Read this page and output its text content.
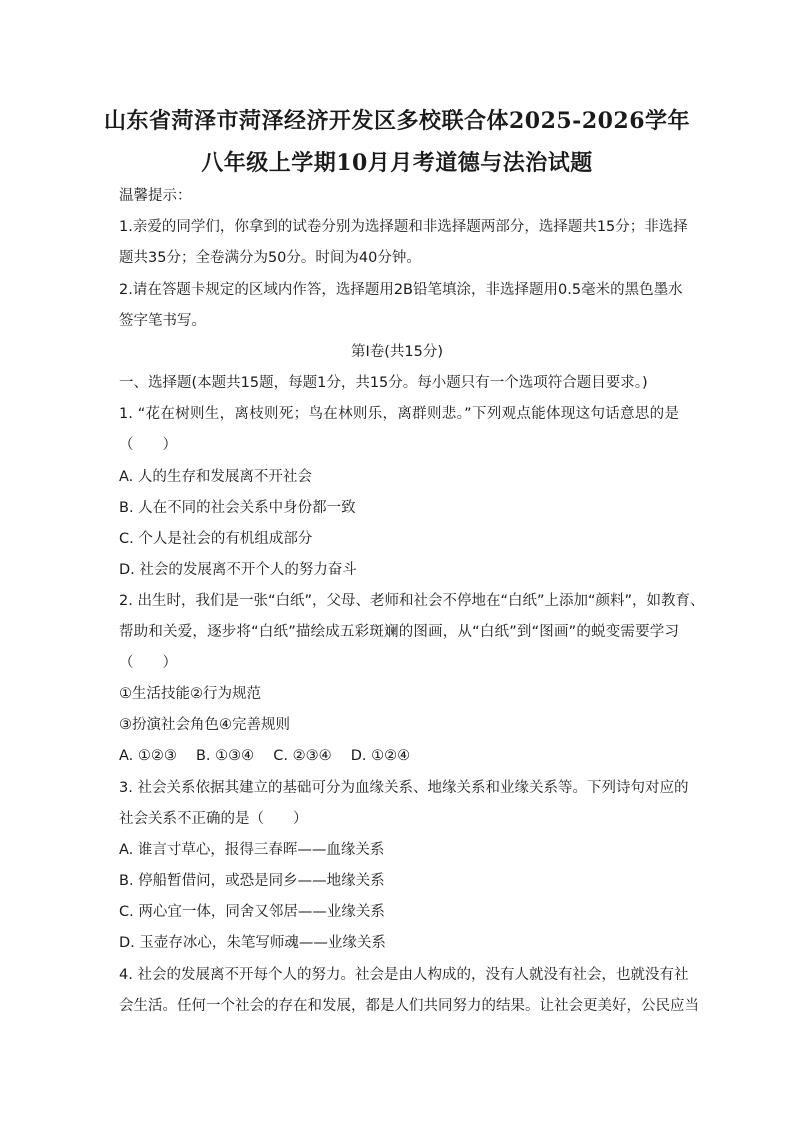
山东省菏泽市菏泽经济开发区多校联合体2025-2026学年
八年级上学期10月月考道德与法治试题
温馨提示：
1.亲爱的同学们，你拿到的试卷分别为选择题和非选择题两部分，选择题共15分；非选择
题共35分；全卷满分为50分。时间为40分钟。
2.请在答题卡规定的区域内作答，选择题用2B铅笔填涂，非选择题用0.5毫米的黑色墨水
签字笔书写。
第Ⅰ卷(共15分)
一、选择题(本题共15题，每题1分，共15分。每小题只有一个选项符合题目要求。)
1. “花在树则生，离枝则死；鸟在林则乐，离群则悲。”下列观点能体现这句话意思的是
（　　）
A. 人的生存和发展离不开社会
B. 人在不同的社会关系中身份都一致
C. 个人是社会的有机组成部分
D. 社会的发展离不开个人的努力奋斗
2. 出生时，我们是一张“白纸”，父母、老师和社会不停地在“白纸”上添加“颜料”，如教育、
帮助和关爱，逐步将“白纸”描绘成五彩斑斓的图画，从“白纸”到“图画”的蜕变需要学习
（　　）
①生活技能②行为规范
③扮演社会角色④完善规则
A. ①②③　 B. ①③④　 C. ②③④　 D. ①②④
3. 社会关系依据其建立的基础可分为血缘关系、地缘关系和业缘关系等。下列诗句对应的
社会关系不正确的是（　　）
A. 谁言寸草心，报得三春晖——血缘关系
B. 停船暂借问，或恐是同乡——地缘关系
C. 两心宜一体，同舍又邻居——业缘关系
D. 玉壶存冰心，朱笔写师魂——业缘关系
4. 社会的发展离不开每个人的努力。社会是由人构成的，没有人就没有社会，也就没有社
会生活。任何一个社会的存在和发展，都是人们共同努力的结果。让社会更美好，公民应当
